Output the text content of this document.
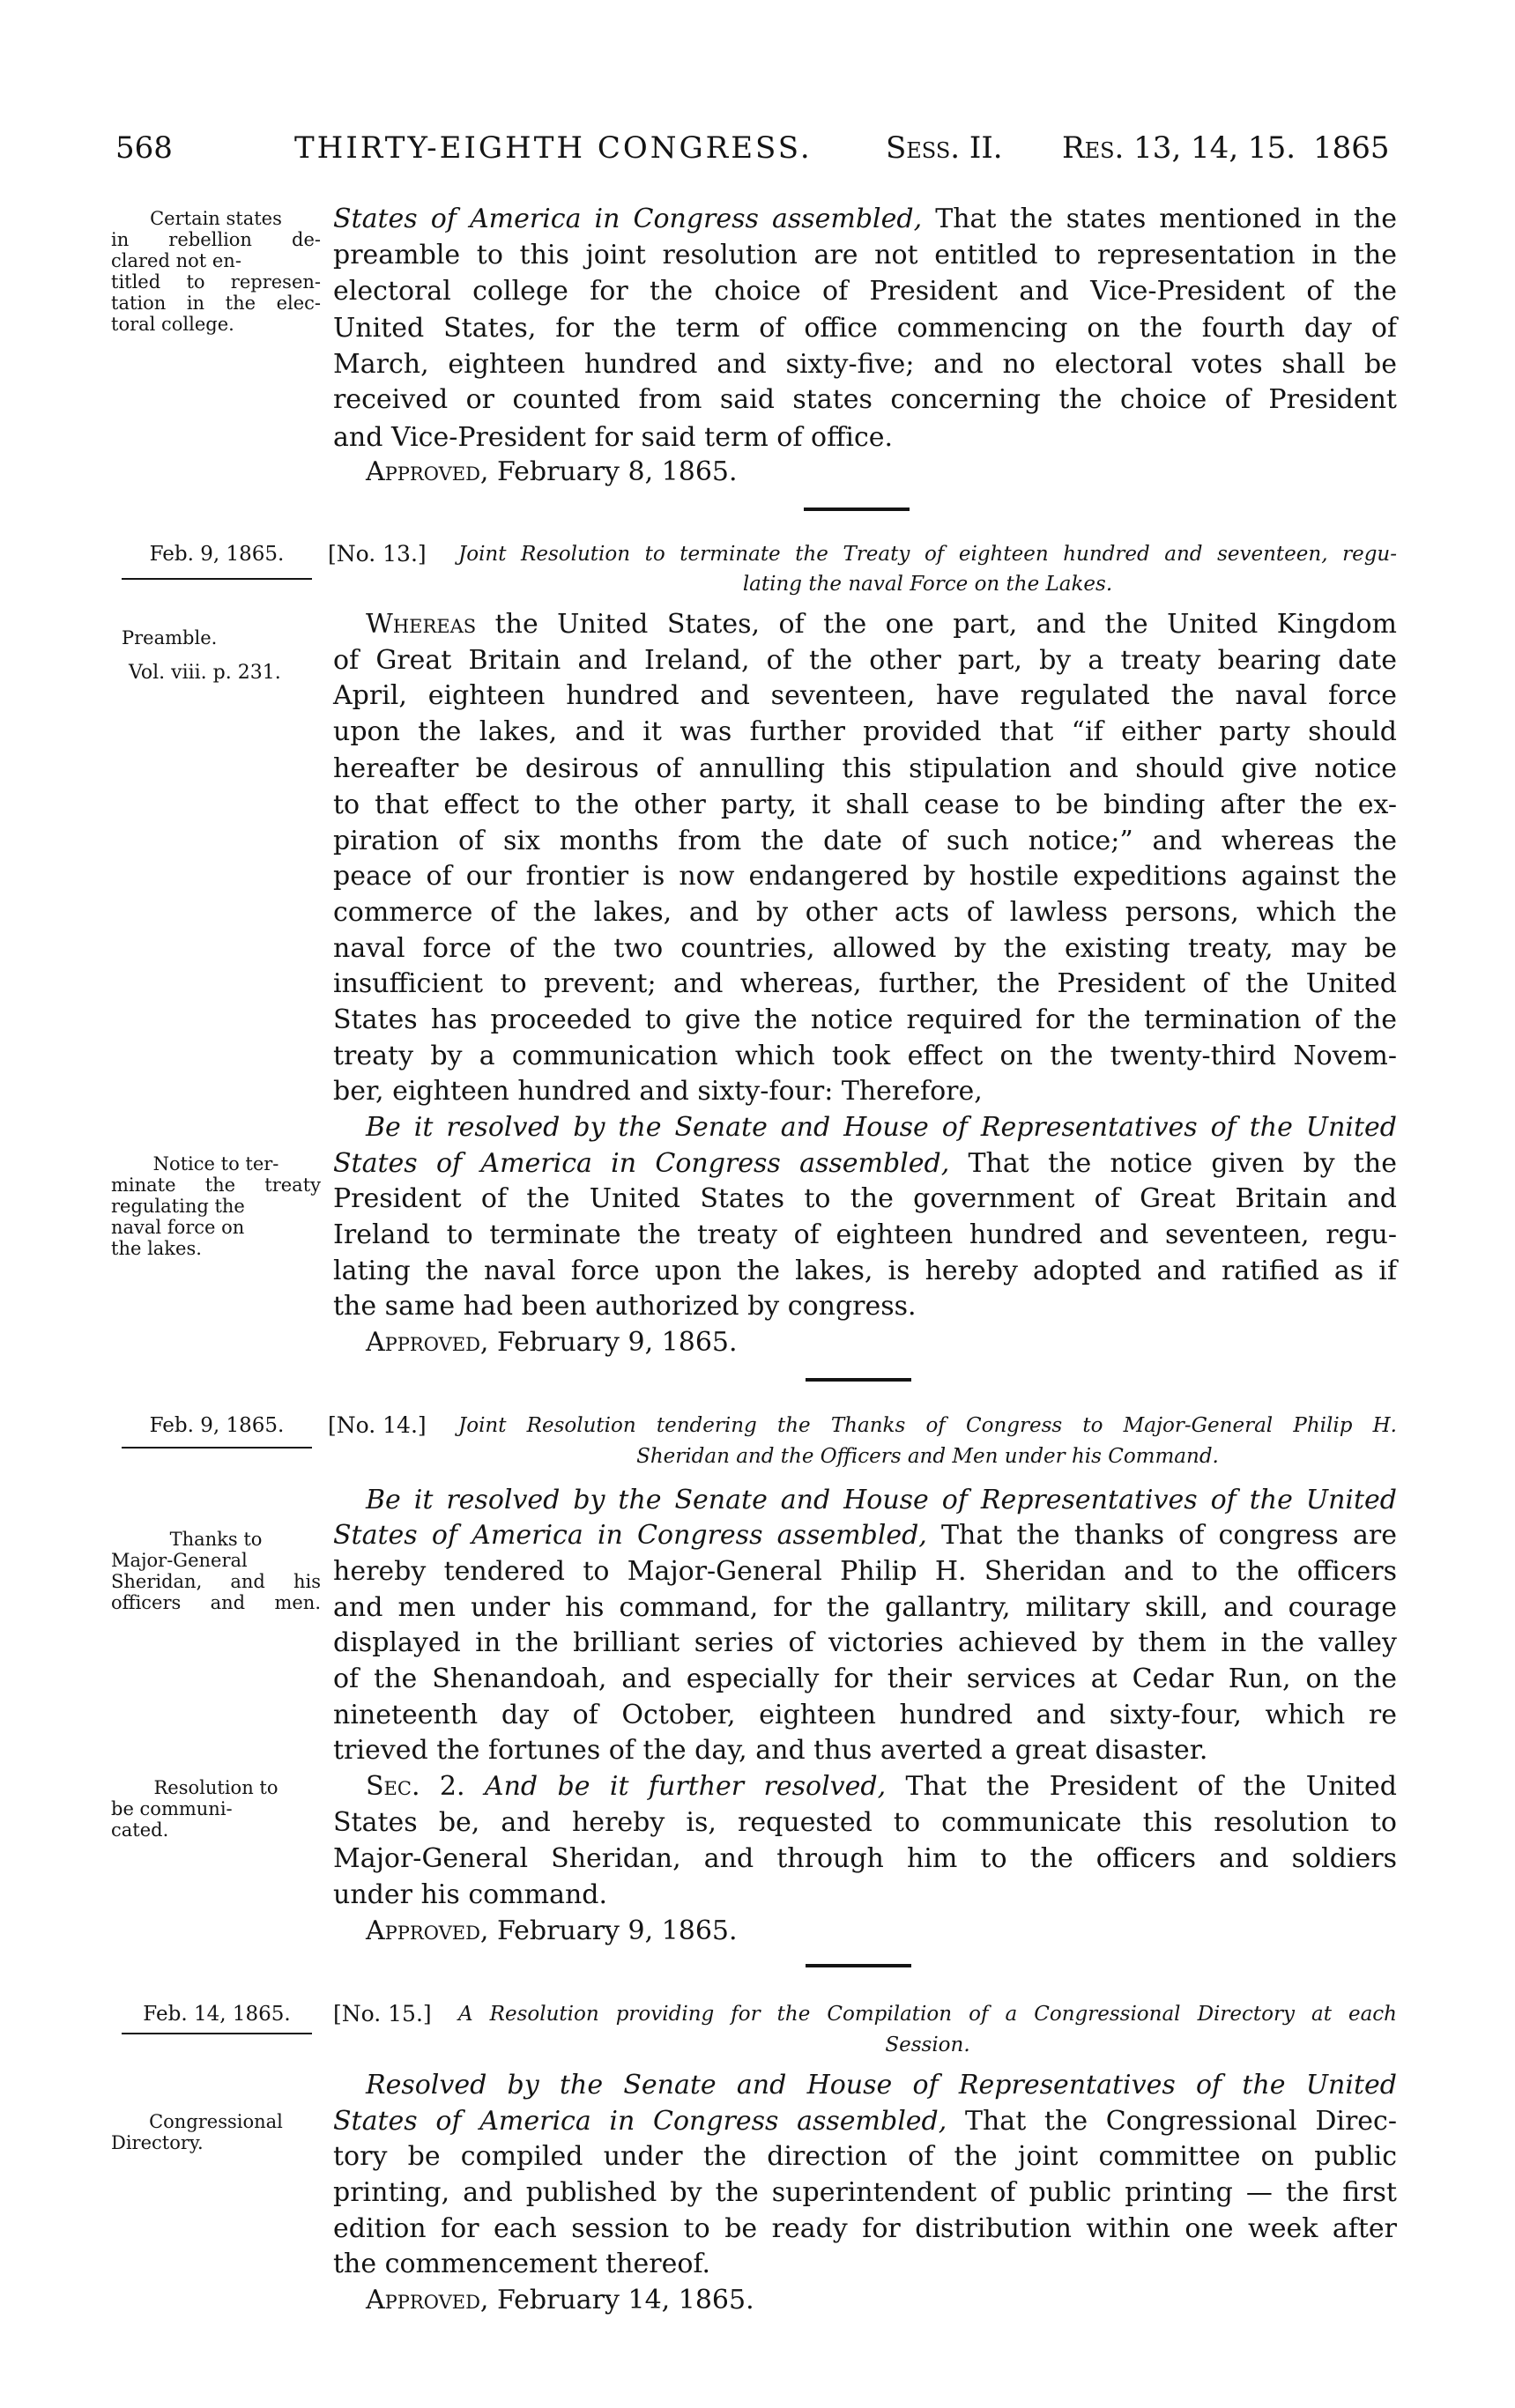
568	THIRTY-EIGHTH CONGRESS. Sess. II. Res. 13, 14, 15. 1865
Certain states
in rebellion de-
clared not en-
titled to represen-
tation in the elec-
toral college.
States of America in Congress assembled, That the states mentioned in the
preamble to this joint resolution are not entitled to representation in the
electoral college for the choice of President and Vice-President of the
United States, for the term of office commencing on the fourth day of
March, eighteen hundred and sixty-five; and no electoral votes shall be
received or counted from said states concerning the choice of President
and Vice-President for said term of office.
Approved, February 8, 1865.
Feb. 9, 1865.	[No. 13.] Joint Resolution to terminate the Treaty of eighteen hundred and seventeen, regu-
lating the naval Force on the Lakes.
Preamble.
Vol. viii. p. 231.
Whereas the United States, of the one part, and the United Kingdom
of Great Britain and Ireland, of the other part, by a treaty bearing date
April, eighteen hundred and seventeen, have regulated the naval force
upon the lakes, and it was further provided that “if either party should
hereafter be desirous of annulling this stipulation and should give notice
to that effect to the other party, it shall cease to be binding after the ex-
piration of six months from the date of such notice;” and whereas the
peace of our frontier is now endangered by hostile expeditions against the
commerce of the lakes, and by other acts of lawless persons, which the
naval force of the two countries, allowed by the existing treaty, may be
insufficient to prevent; and whereas, further, the President of the United
States has proceeded to give the notice required for the termination of the
treaty by a communication which took effect on the twenty-third Novem-
ber, eighteen hundred and sixty-four: Therefore,
Be it resolved by the Senate and House of Representatives of the United
States of America in Congress assembled, That the notice given by the
Notice to ter-
minate the treaty
regulating the
naval force on
the lakes.
President of the United States to the government of Great Britain and
Ireland to terminate the treaty of eighteen hundred and seventeen, regu-
lating the naval force upon the lakes, is hereby adopted and ratified as if
the same had been authorized by congress.
Approved, February 9, 1865.
Feb. 9, 1865.	[No. 14.] Joint Resolution tendering the Thanks of Congress to Major-General Philip H.
Sheridan and the Officers and Men under his Command.
Be it resolved by the Senate and House of Representatives of the United
States of America in Congress assembled, That the thanks of congress are
Thanks to
Major-General
Sheridan, and his
officers and men.
hereby tendered to Major-General Philip H. Sheridan and to the officers
and men under his command, for the gallantry, military skill, and courage
displayed in the brilliant series of victories achieved by them in the valley
of the Shenandoah, and especially for their services at Cedar Run, on the
nineteenth day of October, eighteen hundred and sixty-four, which re
trieved the fortunes of the day, and thus averted a great disaster.
Sec. 2. And be it further resolved, That the President of the United
Resolution to
be communi-
cated.	States be, and hereby is, requested to communicate this resolution to
Major-General Sheridan, and through him to the officers and soldiers
under his command.
Approved, February 9, 1865.
Feb. 14, 1865.	[No. 15.] A Resolution providing for the Compilation of a Congressional Directory at each
Session.
Resolved by the Senate and House of Representatives of the United
States of America in Congress assembled, That the Congressional Direc-
Congressional
Directory.	tory be compiled under the direction of the joint committee on public
printing, and published by the superintendent of public printing — the first
edition for each session to be ready for distribution within one week after
the commencement thereof.
Approved, February 14, 1865.
